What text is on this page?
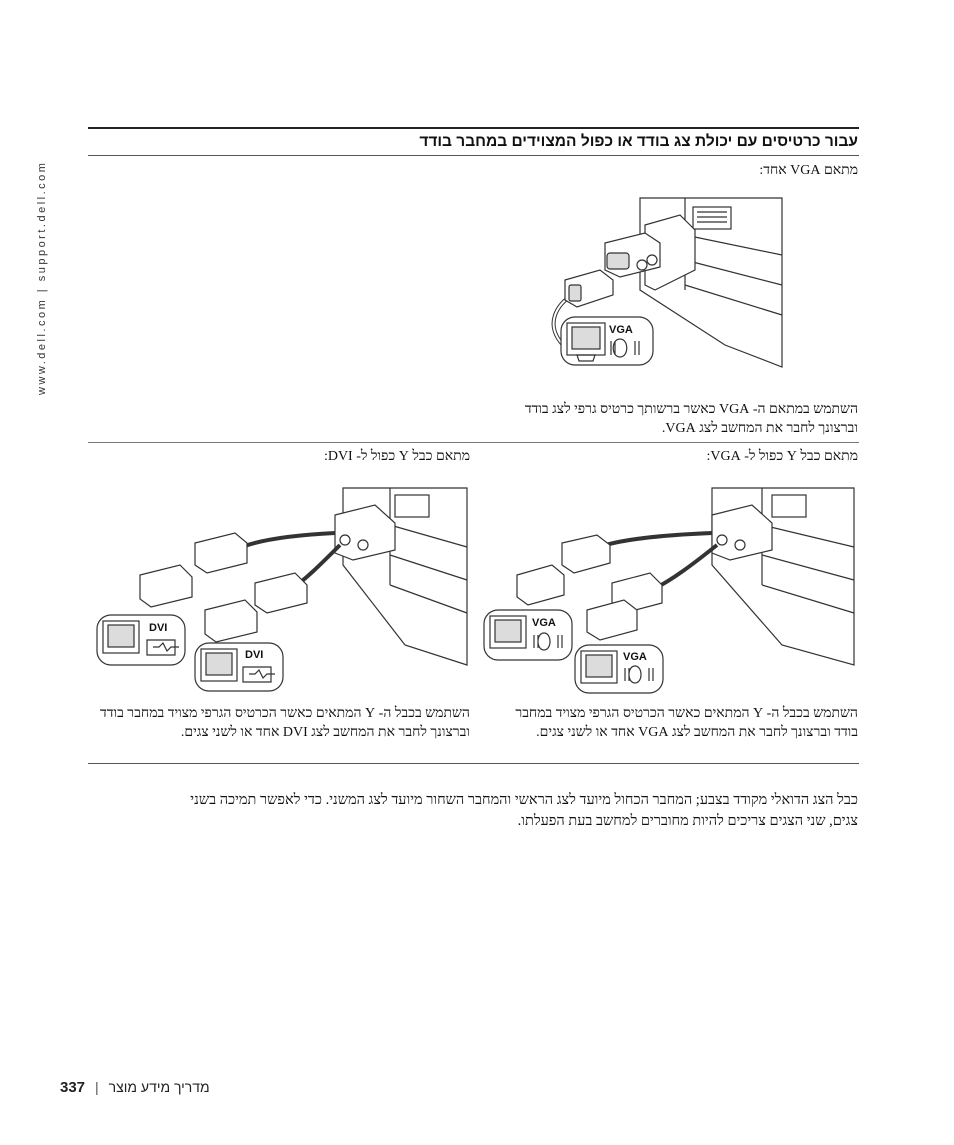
www.dell.com | support.dell.com
עבור כרטיסים עם יכולת צג בודד או כפול המצוידים במחבר בודד
מתאם VGA אחד:
VGA
השתמש במתאם ה- VGA כאשר ברשותך כרטיס גרפי לצג בודד וברצונך לחבר את המחשב לצג VGA.
מתאם כבל Y כפול ל- VGA:
מתאם כבל Y כפול ל- DVI:
VGA
VGA
DVI
DVI
השתמש בכבל ה- Y המתאים כאשר הכרטיס הגרפי מצויד במחבר בודד וברצונך לחבר את המחשב לצג VGA אחד או לשני צגים.
השתמש בכבל ה- Y המתאים כאשר הכרטיס הגרפי מצויד במחבר בודד וברצונך לחבר את המחשב לצג DVI אחד או לשני צגים.
כבל הצג הדואלי מקודד בצבע; המחבר הכחול מיועד לצג הראשי והמחבר השחור מיועד לצג המשני. כדי לאפשר תמיכה בשני צגים, שני הצגים צריכים להיות מחוברים למחשב בעת הפעלתו.
337 | מדריך מידע מוצר
